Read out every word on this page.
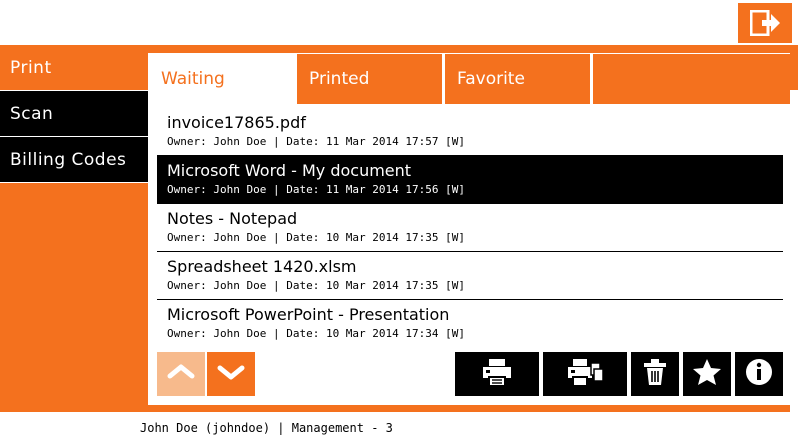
Print
Scan
Billing Codes
Waiting	Printed	Favorite
invoice17865.pdf
Owner: John Doe | Date: 11 Mar 2014 17:57 [W]
Microsoft Word - My document
Owner: John Doe | Date: 11 Mar 2014 17:56 [W]
Notes - Notepad
Owner: John Doe | Date: 10 Mar 2014 17:35 [W]
Spreadsheet 1420.xlsm
Owner: John Doe | Date: 10 Mar 2014 17:35 [W]
Microsoft PowerPoint - Presentation
Owner: John Doe | Date: 10 Mar 2014 17:34 [W]
John Doe (johndoe) | Management - 3
